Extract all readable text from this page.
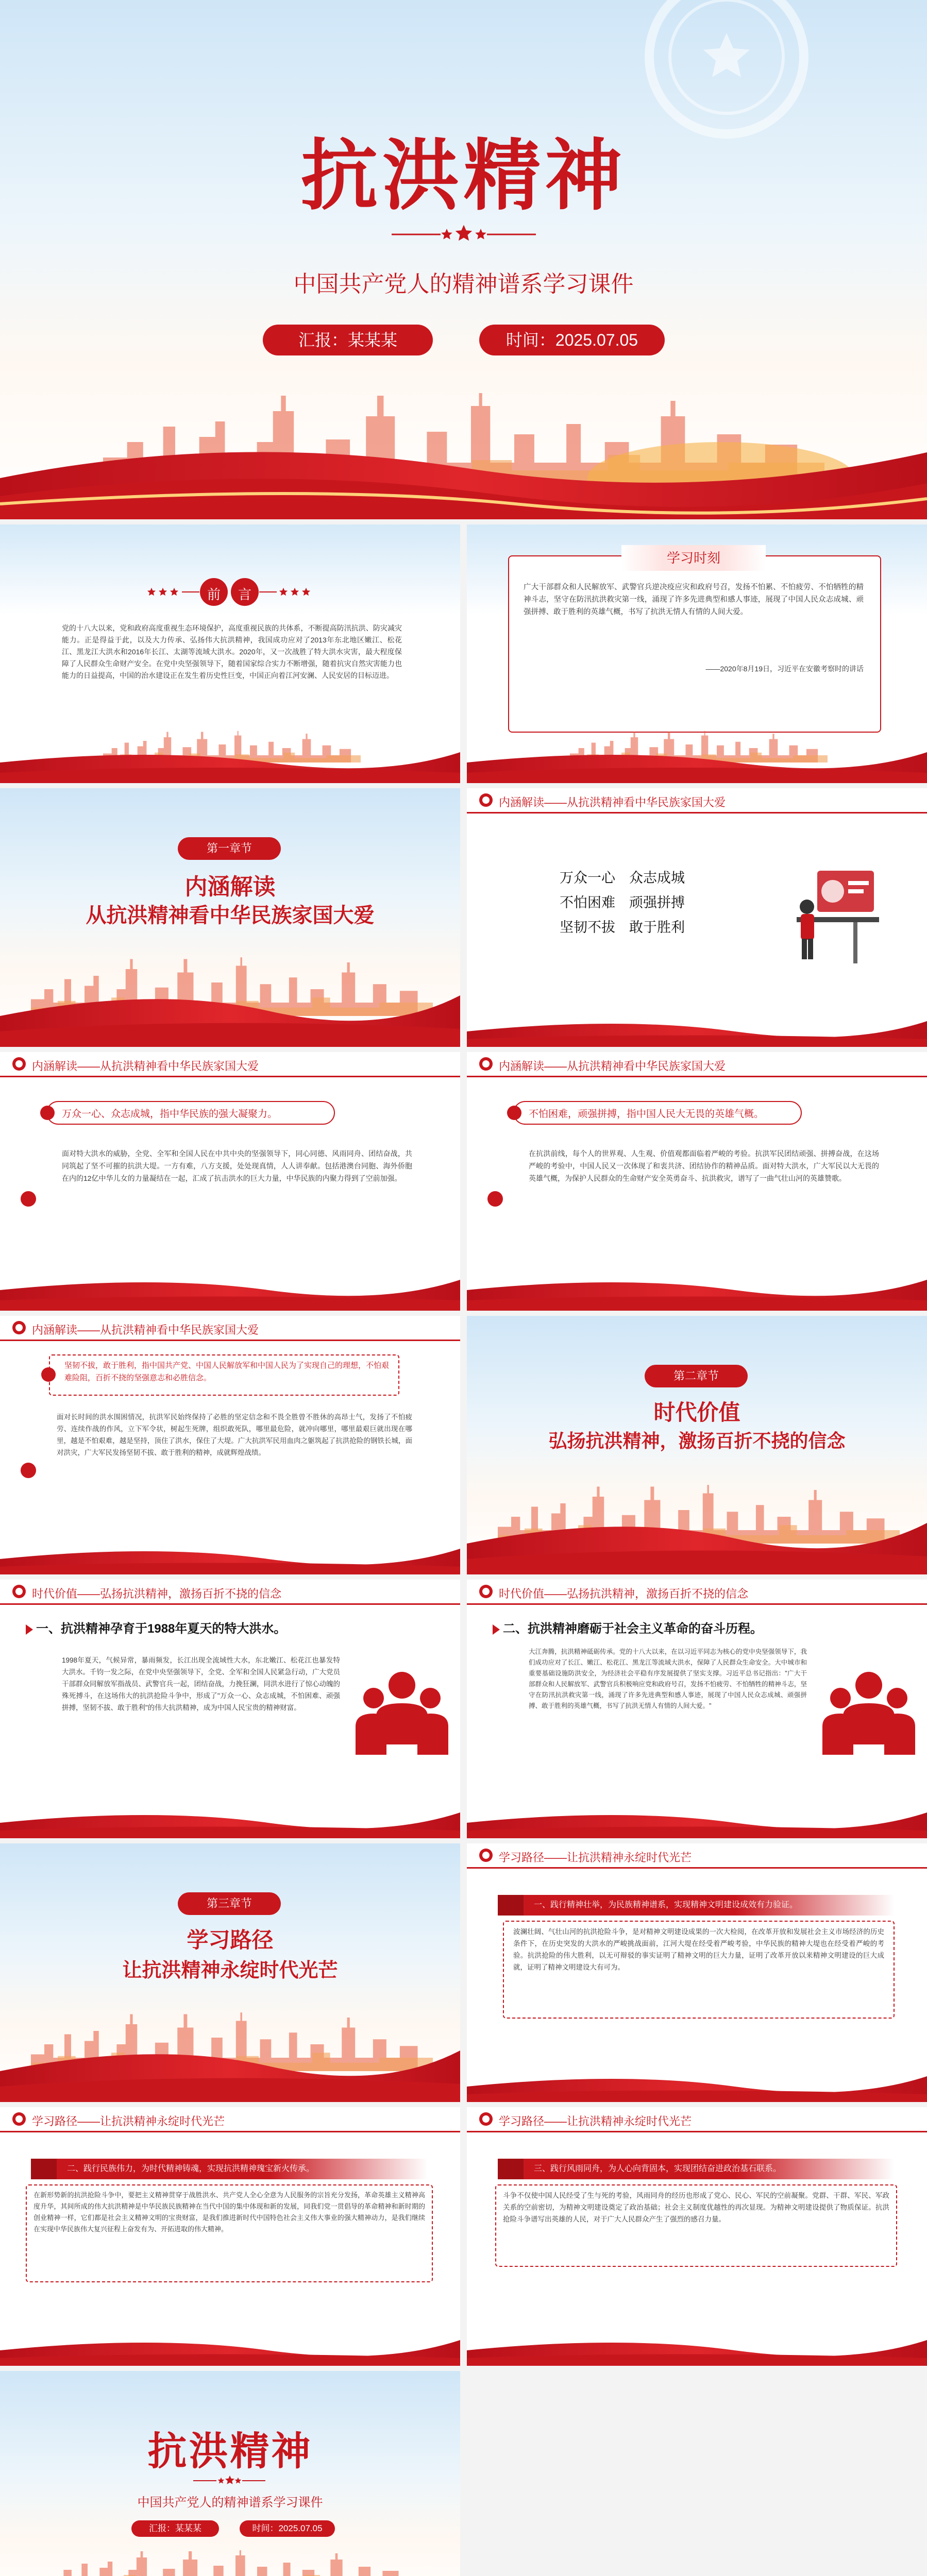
抗洪精神
中国共产党人的精神谱系学习课件
汇报：某某某	时间：2025.07.05
前 言
党的十八大以来，党和政府高度重视生态环境保护，高度重视民族的共体系，不断提高防汛抗洪、防灾减灾能力。正是得益于此，以及大力传承、弘扬伟大抗洪精神，我国成功应对了2013年东北地区嫩江、松花江、黑龙江大洪水和2016年长江、太湖等流域大洪水。2020年，又一次战胜了特大洪水灾害，最大程度保障了人民群众生命财产安全。在党中央坚强领导下，随着国家综合实力不断增强，随着抗灾自然灾害能力也能力的日益提高，中国的治水建设正在发生着历史性巨变，中国正向着江河安澜、人民安居的目标迈进。
学习时刻
广大干部群众和人民解放军、武警官兵逆决疫应灾和政府号召，发扬不怕累、不怕疲劳、不怕牺牲的精神斗志，坚守在防汛抗洪救灾第一线，涌现了许多先进典型和感人事迹，展现了中国人民众志成城、顽强拼搏、敢于胜利的英雄气概，书写了抗洪无情人有情的人间大爱。
——2020年8月19日，习近平在安徽考察时的讲话
第一章节
内涵解读
从抗洪精神看中华民族家国大爱
内涵解读——从抗洪精神看中华民族家国大爱
万众一心　众志成城
不怕困难　顽强拼搏
坚韧不拔　敢于胜利
内涵解读——从抗洪精神看中华民族家国大爱
万众一心、众志成城，指中华民族的强大凝聚力。
面对特大洪水的威胁，全党、全军和全国人民在中共中央的坚强领导下，同心同德、风雨同舟、团结奋战，共同筑起了坚不可摧的抗洪大堤。一方有难，八方支援，处处现真情，人人讲奉献。包括港澳台同胞、海外侨胞在内的12亿中华儿女的力量凝结在一起，汇成了抗击洪水的巨大力量，中华民族的内聚力得到了空前加强。
内涵解读——从抗洪精神看中华民族家国大爱
不怕困难，顽强拼搏，指中国人民大无畏的英雄气概。
在抗洪前线，每个人的世界观、人生观、价值观都面临着严峻的考验。抗洪军民团结顽强、拼搏奋战，在这场严峻的考验中，中国人民又一次体现了和衷共济、团结协作的精神品质。面对特大洪水，广大军民以大无畏的英雄气概，为保护人民群众的生命财产安全英勇奋斗、抗洪救灾，谱写了一曲气壮山河的英雄赞歌。
内涵解读——从抗洪精神看中华民族家国大爱
坚韧不拔，敢于胜利，指中国共产党、中国人民解放军和中国人民为了实现自己的理想，不怕艰难险阻，百折不挠的坚强意志和必胜信念。
面对长时间的洪水围困情况，抗洪军民始终保持了必胜的坚定信念和不畏全胜曾不胜休的高昂士气，发扬了不怕疲劳、连续作战的作风，立下军令状，树起生死牌，组织敢死队，哪里最危险，就冲向哪里，哪里最艰巨就出现在哪里，越是不怕艰难，越是坚持，顶住了洪水，保住了大堤。广大抗洪军民用血肉之躯筑起了抗洪抢险的钢铁长城，面对洪灾，广大军民发扬坚韧不拔、敢于胜利的精神，成就辉煌战绩。
第二章节
时代价值
弘扬抗洪精神，激扬百折不挠的信念
时代价值——弘扬抗洪精神，激扬百折不挠的信念
一、抗洪精神孕育于1988年夏天的特大洪水。
1998年夏天，气候异常，暴雨频发，长江出现全流域性大水，东北嫩江、松花江也暴发特大洪水。千钧一发之际，在党中央坚强领导下，全党、全军和全国人民紧急行动，广大党员干部群众同解放军指战员、武警官兵一起，团结奋战，力挽狂澜，同洪水进行了惊心动魄的殊死搏斗，在这场伟大的抗洪抢险斗争中，形成了"万众一心、众志成城，不怕困难、顽强拼搏，坚韧不拔、敢于胜利"的伟大抗洪精神，成为中国人民宝贵的精神财富。
时代价值——弘扬抗洪精神，激扬百折不挠的信念
二、抗洪精神磨砺于社会主义革命的奋斗历程。
大江奔腾，抗洪精神砥砺传承。党的十八大以来，在以习近平同志为核心的党中央坚强领导下，我们成功应对了长江、嫩江、松花江、黑龙江等流域大洪水，保障了人民群众生命安全。大中城市和重要基础设施防洪安全，为经济社会平稳有序发展提供了坚实支撑。习近平总书记指出："广大干部群众和人民解放军、武警官兵积极响应党和政府号召，发扬不怕疲劳、不怕牺牲的精神斗志，坚守在防汛抗洪救灾第一线，涌现了许多先进典型和感人事迹，展现了中国人民众志成城、顽强拼搏、敢于胜利的英雄气概，书写了抗洪无情人有情的人间大爱。"
第三章节
学习路径
让抗洪精神永绽时代光芒
学习路径——让抗洪精神永绽时代光芒
一、践行精神壮举，为民族精神谱系，实现精神文明建设成效有力验证。
波澜壮阔、气壮山河的抗洪抢险斗争，是对精神文明建设成果的一次大检阅，在改革开放和发展社会主义市场经济的历史条件下，在历史突发的大洪水的严峻挑战面前，江河大堤在经受着严峻考验，中华民族的精神大堤也在经受着严峻的考验。抗洪抢险的伟大胜利，以无可辩驳的事实证明了精神文明的巨大力量，证明了改革开放以来精神文明建设的巨大成就，证明了精神文明建设大有可为。
学习路径——让抗洪精神永绽时代光芒
二、践行民族伟力，为时代精神铸魂，实现抗洪精神瑰宝新火传承。
在新形势新的抗洪抢险斗争中，要把主义精神贯穿于战胜洪水、共产党人全心全意为人民服务的宗旨充分发扬，革命英雄主义精神高度升华，其间所成的伟大抗洪精神是中华民族民族精神在当代中国的集中体现和新的发展，同我们党一贯倡导的革命精神和新时期的创业精神一样，它们都是社会主义精神文明的宝贵财富，是我们推进新时代中国特色社会主义伟大事业的强大精神动力，是我们继续在实现中华民族伟大复兴征程上奋发有为、开拓进取的伟大精神。
学习路径——让抗洪精神永绽时代光芒
三、践行风雨同舟，为人心向背固本，实现团结奋进政治基石联系。
斗争不仅使中国人民经受了生与死的考验，风雨同舟的经历也形成了党心、民心、军民的空前凝聚。党群、干群、军民、军政关系的空前密切，为精神文明建设奠定了政治基础；社会主义制度优越性的再次显现。为精神文明建设提供了物质保证。抗洪抢险斗争谱写出英雄的人民，对于广大人民群众产生了强烈的感召力量。
抗洪精神
中国共产党人的精神谱系学习课件
汇报：某某某	时间：2025.07.05
